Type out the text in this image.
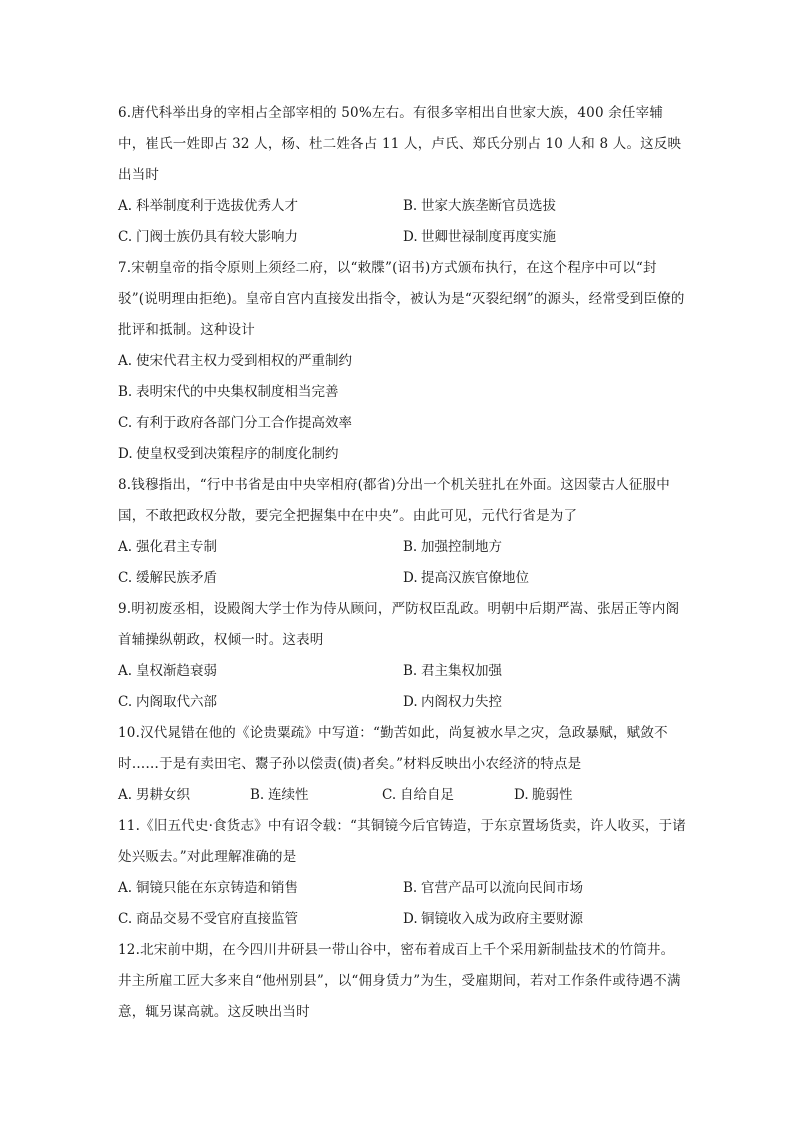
6.唐代科举出身的宰相占全部宰相的 50%左右。有很多宰相出自世家大族，400 余任宰辅中，崔氏一姓即占 32 人，杨、杜二姓各占 11 人，卢氏、郑氏分别占 10 人和 8 人。这反映出当时

A. 科举制度利于选拔优秀人才	B. 世家大族垄断官员选拔
C. 门阀士族仍具有较大影响力	D. 世卿世禄制度再度实施

7.宋朝皇帝的指令原则上须经二府，以“敕牒”(诏书)方式颁布执行，在这个程序中可以“封驳”(说明理由拒绝)。皇帝自宫内直接发出指令，被认为是“灭裂纪纲”的源头，经常受到臣僚的批评和抵制。这种设计

A. 使宋代君主权力受到相权的严重制约
B. 表明宋代的中央集权制度相当完善
C. 有利于政府各部门分工合作提高效率
D. 使皇权受到决策程序的制度化制约

8.钱穆指出，“行中书省是由中央宰相府(都省)分出一个机关驻扎在外面。这因蒙古人征服中国，不敢把政权分散，要完全把握集中在中央”。由此可见，元代行省是为了

A. 强化君主专制	B. 加强控制地方
C. 缓解民族矛盾	D. 提高汉族官僚地位

9.明初废丞相，设殿阁大学士作为侍从顾问，严防权臣乱政。明朝中后期严嵩、张居正等内阁首辅操纵朝政，权倾一时。这表明

A. 皇权渐趋衰弱	B. 君主集权加强
C. 内阁取代六部	D. 内阁权力失控

10.汉代晁错在他的《论贵粟疏》中写道：“勤苦如此，尚复被水旱之灾，急政暴赋，赋敛不时……于是有卖田宅、鬻子孙以偿责(债)者矣。”材料反映出小农经济的特点是

A. 男耕女织	B. 连续性	C. 自给自足	D. 脆弱性

11.《旧五代史·食货志》中有诏令载：“其铜镜今后官铸造，于东京置场货卖，许人收买，于诸处兴贩去。”对此理解准确的是

A. 铜镜只能在东京铸造和销售	B. 官营产品可以流向民间市场
C. 商品交易不受官府直接监管	D. 铜镜收入成为政府主要财源

12.北宋前中期，在今四川井研县一带山谷中，密布着成百上千个采用新制盐技术的竹筒井。井主所雇工匠大多来自“他州别县”，以“佣身赁力”为生，受雇期间，若对工作条件或待遇不满意，辄另谋高就。这反映出当时
